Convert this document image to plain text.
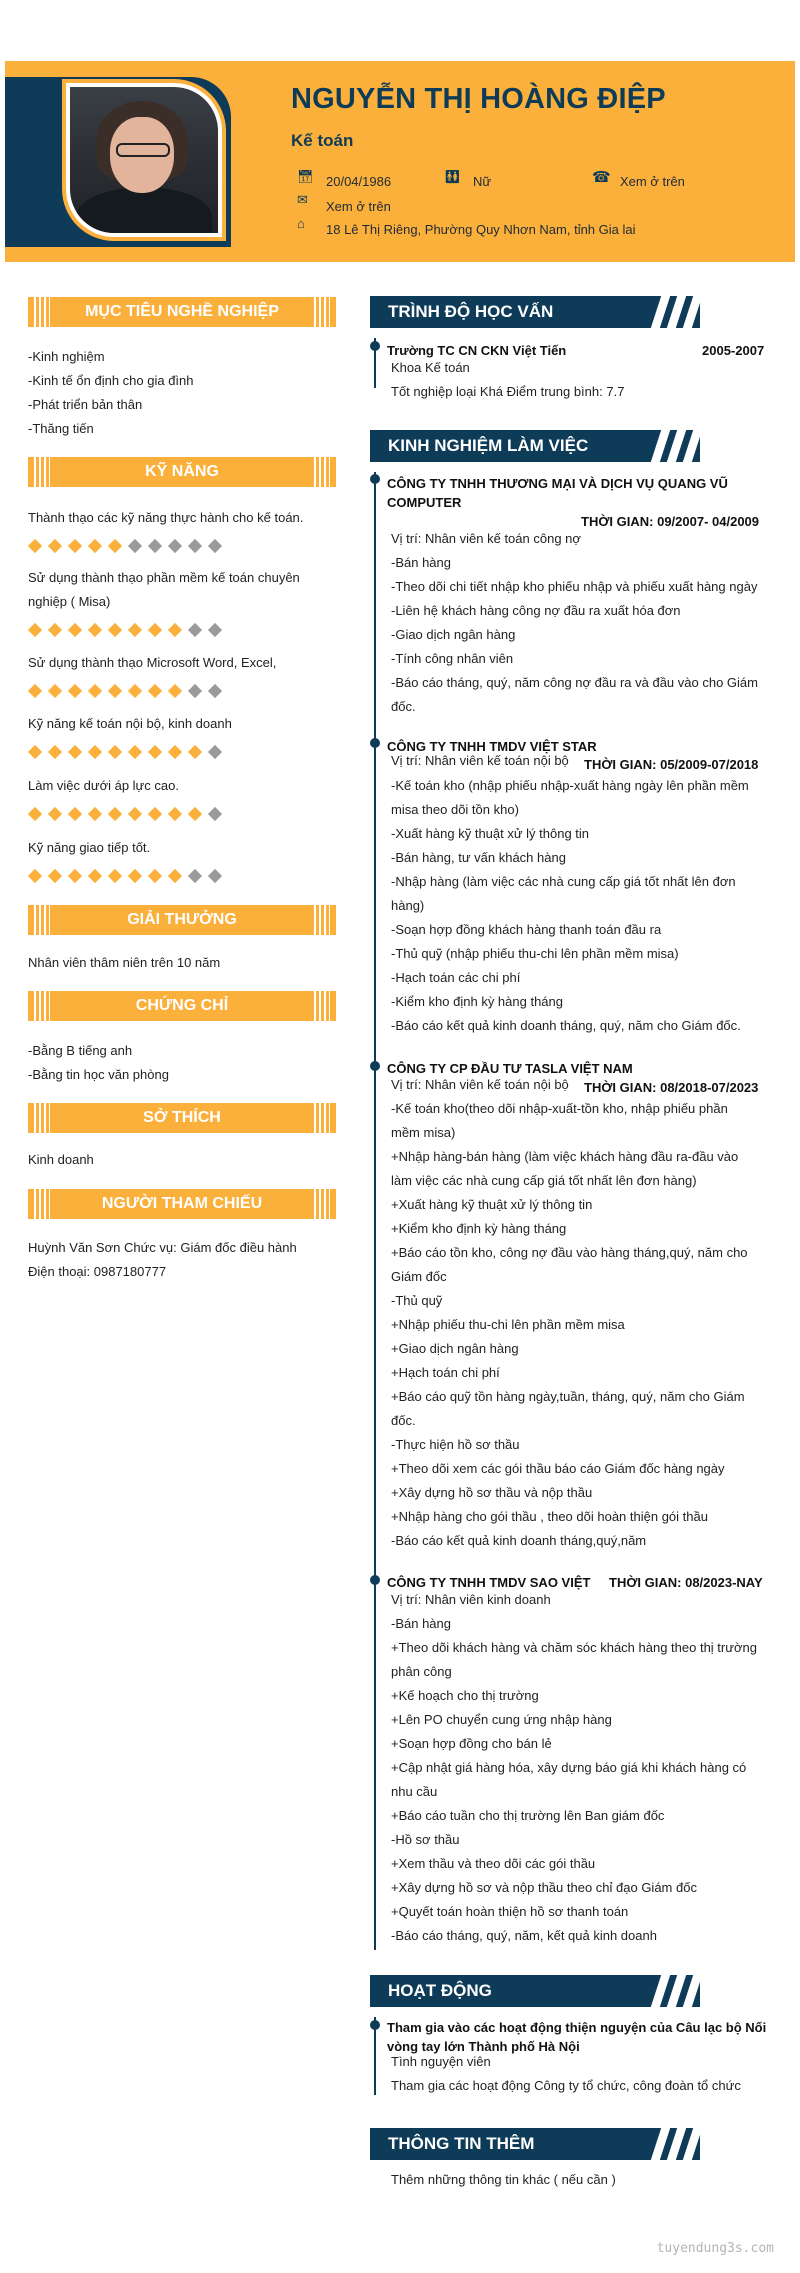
NGUYỄN THỊ HOÀNG ĐIỆP
Kế toán
📅︎ 20/04/1986	🚻︎ Nữ	☎ Xem ở trên
✉ Xem ở trên
⌂ 18 Lê Thị Riêng, Phường Quy Nhơn Nam, tỉnh Gia lai
MỤC TIÊU NGHỀ NGHIỆP
-Kinh nghiệm
-Kinh tế ổn định cho gia đình
-Phát triển bản thân
-Thăng tiến
KỸ NĂNG
Thành thạo các kỹ năng thực hành cho kế toán.
Sử dụng thành thạo phần mềm kế toán chuyên
nghiệp ( Misa)
Sử dụng thành thạo Microsoft Word, Excel,
Kỹ năng kế toán nội bộ, kinh doanh
Làm việc dưới áp lực cao.
Kỹ năng giao tiếp tốt.
GIẢI THƯỞNG
Nhân viên thâm niên trên 10 năm
CHỨNG CHỈ
-Bằng B tiếng anh
-Bằng tin học văn phòng
SỞ THÍCH
Kinh doanh
NGƯỜI THAM CHIẾU
Huỳnh Văn Sơn Chức vụ: Giám đốc điều hành
Điện thoại: 0987180777
TRÌNH ĐỘ HỌC VẤN
Trường TC CN CKN Việt Tiến	2005-2007
Khoa Kế toán
Tốt nghiệp loại Khá Điểm trung bình: 7.7
KINH NGHIỆM LÀM VIỆC
CÔNG TY TNHH THƯƠNG MẠI VÀ DỊCH VỤ QUANG VŨ
COMPUTER
THỜI GIAN: 09/2007- 04/2009
Vị trí: Nhân viên kế toán công nợ
-Bán hàng
-Theo dõi chi tiết nhập kho phiếu nhập và phiếu xuất hàng ngày
-Liên hệ khách hàng công nợ đầu ra xuất hóa đơn
-Giao dịch ngân hàng
-Tính công nhân viên
-Báo cáo tháng, quý, năm công nợ đầu ra và đầu vào cho Giám
đốc.
CÔNG TY TNHH TMDV VIỆT STAR
Vị trí: Nhân viên kế toán nội bộ	THỜI GIAN: 05/2009-07/2018
-Kế toán kho (nhập phiếu nhập-xuất hàng ngày lên phần mềm
misa theo dõi tồn kho)
-Xuất hàng kỹ thuật xử lý thông tin
-Bán hàng, tư vấn khách hàng
-Nhập hàng (làm việc các nhà cung cấp giá tốt nhất lên đơn
hàng)
-Soạn hợp đồng khách hàng thanh toán đầu ra
-Thủ quỹ (nhập phiếu thu-chi lên phần mềm misa)
-Hạch toán các chi phí
-Kiểm kho định kỳ hàng tháng
-Báo cáo kết quả kinh doanh tháng, quý, năm cho Giám đốc.
CÔNG TY CP ĐẦU TƯ TASLA VIỆT NAM
Vị trí: Nhân viên kế toán nội bộ	THỜI GIAN: 08/2018-07/2023
-Kế toán kho(theo dõi nhập-xuất-tồn kho, nhập phiếu phần
mềm misa)
+Nhập hàng-bán hàng (làm việc khách hàng đầu ra-đầu vào
làm việc các nhà cung cấp giá tốt nhất lên đơn hàng)
+Xuất hàng kỹ thuật xử lý thông tin
+Kiểm kho định kỳ hàng tháng
+Báo cáo tồn kho, công nợ đầu vào hàng tháng,quý, năm cho
Giám đốc
-Thủ quỹ
+Nhập phiếu thu-chi lên phần mềm misa
+Giao dịch ngân hàng
+Hạch toán chi phí
+Báo cáo quỹ tồn hàng ngày,tuần, tháng, quý, năm cho Giám
đốc.
-Thực hiện hồ sơ thầu
+Theo dõi xem các gói thầu báo cáo Giám đốc hàng ngày
+Xây dựng hồ sơ thầu và nộp thầu
+Nhập hàng cho gói thầu , theo dõi hoàn thiện gói thầu
-Báo cáo kết quả kinh doanh tháng,quý,năm
CÔNG TY TNHH TMDV SAO VIỆT THỜI GIAN: 08/2023-NAY
Vị trí: Nhân viên kinh doanh
-Bán hàng
+Theo dõi khách hàng và chăm sóc khách hàng theo thị trường
phân công
+Kế hoạch cho thị trường
+Lên PO chuyển cung ứng nhập hàng
+Soạn hợp đồng cho bán lẻ
+Cập nhật giá hàng hóa, xây dựng báo giá khi khách hàng có
nhu cầu
+Báo cáo tuần cho thị trường lên Ban giám đốc
-Hồ sơ thầu
+Xem thầu và theo dõi các gói thầu
+Xây dựng hồ sơ và nộp thầu theo chỉ đạo Giám đốc
+Quyết toán hoàn thiện hồ sơ thanh toán
-Báo cáo tháng, quý, năm, kết quả kinh doanh
HOẠT ĐỘNG
Tham gia vào các hoạt động thiện nguyện của Câu lạc bộ Nối
vòng tay lớn Thành phố Hà Nội
Tình nguyện viên
Tham gia các hoạt động Công ty tổ chức, công đoàn tổ chức
THÔNG TIN THÊM
Thêm những thông tin khác ( nếu cần )
tuyendung3s.com
